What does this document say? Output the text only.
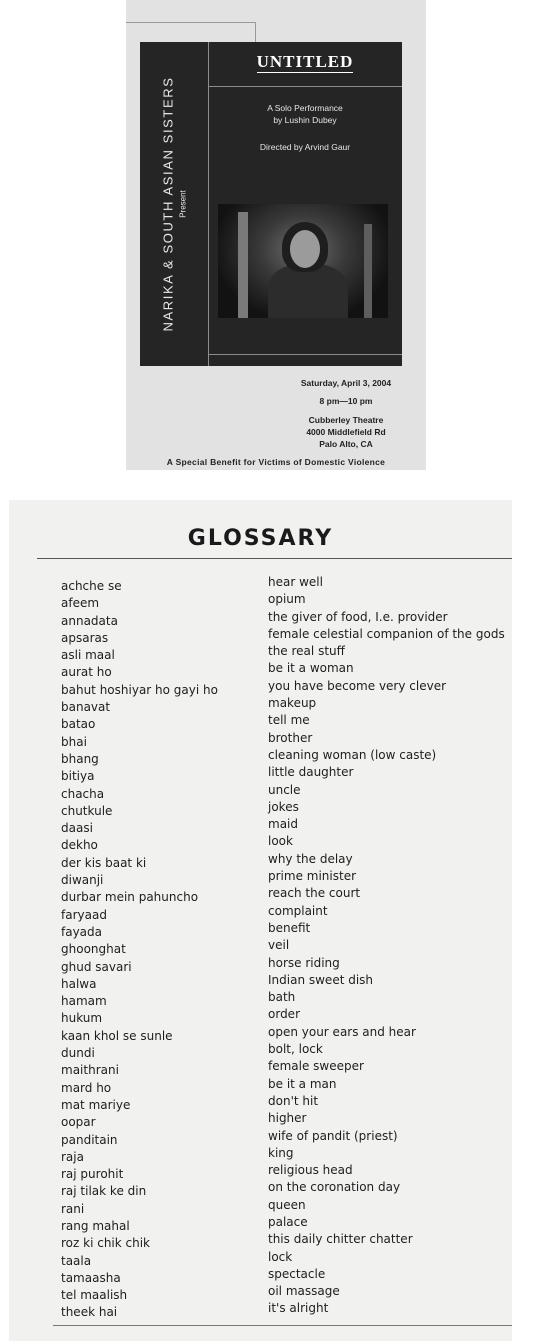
NARIKA & SOUTH ASIAN SISTERS Present
UNTITLED
A Solo Performance
by Lushin Dubey
Directed by Arvind Gaur
Saturday, April 3, 2004
8 pm—10 pm
Cubberley Theatre
4000 Middlefield Rd
Palo Alto, CA
A Special Benefit for Victims of Domestic Violence
GLOSSARY
achche se	hear well
afeem	opium
annadata	the giver of food, I.e. provider
apsaras	female celestial companion of the gods
asli maal	the real stuff
aurat ho	be it a woman
bahut hoshiyar ho gayi ho	you have become very clever
banavat	makeup
batao	tell me
bhai	brother
bhang	cleaning woman (low caste)
bitiya	little daughter
chacha	uncle
chutkule	jokes
daasi	maid
dekho	look
der kis baat ki	why the delay
diwanji	prime minister
durbar mein pahuncho	reach the court
faryaad	complaint
fayada	benefit
ghoonghat	veil
ghud savari	horse riding
halwa	Indian sweet dish
hamam	bath
hukum	order
kaan khol se sunle	open your ears and hear
dundi	bolt, lock
maithrani	female sweeper
mard ho	be it a man
mat mariye	don't hit
oopar	higher
panditain	wife of pandit (priest)
raja	king
raj purohit	religious head
raj tilak ke din	on the coronation day
rani	queen
rang mahal	palace
roz ki chik chik	this daily chitter chatter
taala	lock
tamaasha	spectacle
tel maalish	oil massage
theek hai	it's alright
